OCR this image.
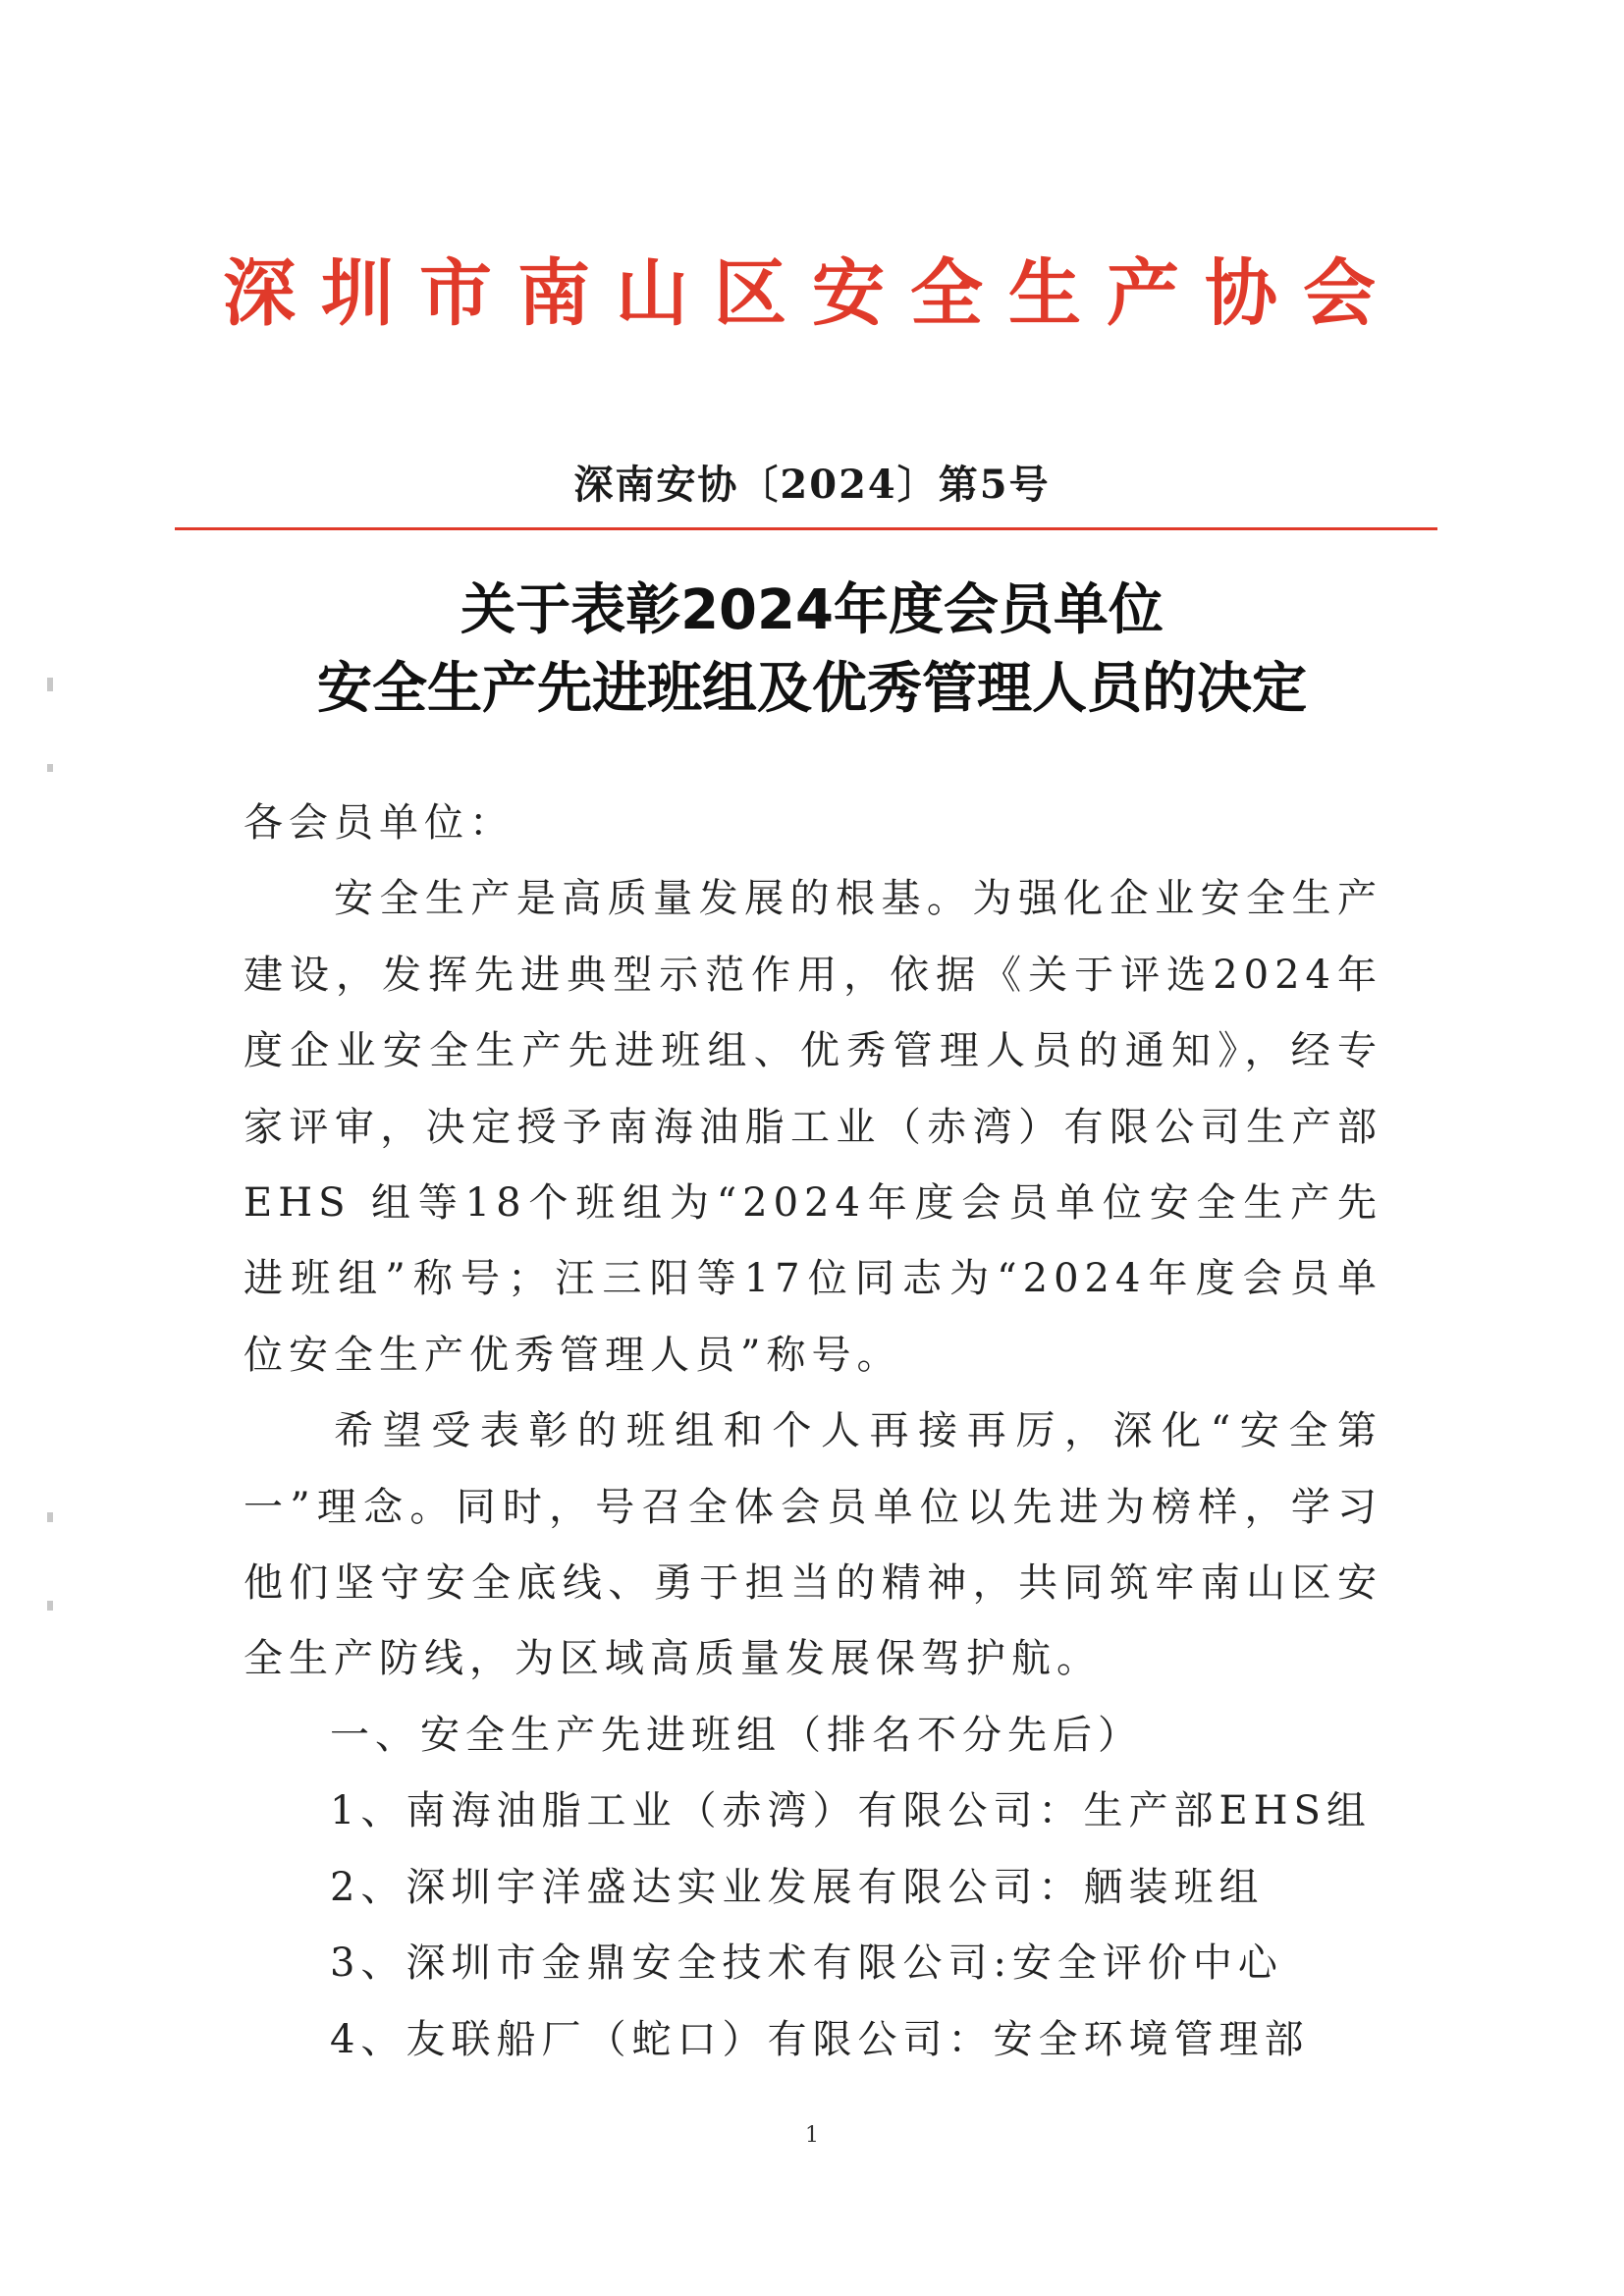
深圳市南山区安全生产协会
深南安协〔2024〕第5号
关于表彰2024年度会员单位
安全生产先进班组及优秀管理人员的决定

各会员单位：

安全生产是高质量发展的根基。为强化企业安全生产建设，发挥先进典型示范作用，依据《关于评选2024年度企业安全生产先进班组、优秀管理人员的通知》，经专家评审，决定授予南海油脂工业（赤湾）有限公司生产部 EHS 组等18个班组为“2024年度会员单位安全生产先进班组”称号；汪三阳等17位同志为“2024年度会员单位安全生产优秀管理人员”称号。

希望受表彰的班组和个人再接再厉，深化“安全第一”理念。同时，号召全体会员单位以先进为榜样，学习他们坚守安全底线、勇于担当的精神，共同筑牢南山区安全生产防线，为区域高质量发展保驾护航。

一、安全生产先进班组（排名不分先后）

1、南海油脂工业（赤湾）有限公司：生产部EHS组

2、深圳宇洋盛达实业发展有限公司：舾装班组

3、深圳市金鼎安全技术有限公司:安全评价中心

4、友联船厂（蛇口）有限公司：安全环境管理部

1
